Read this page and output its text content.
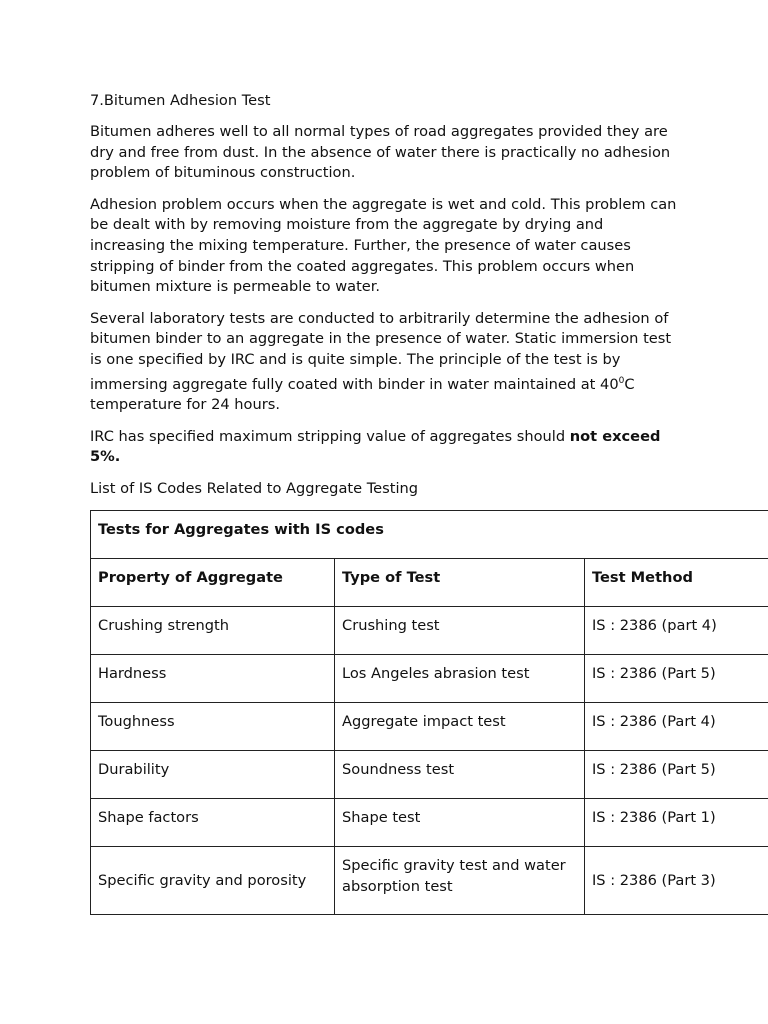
7.Bitumen Adhesion Test

Bitumen adheres well to all normal types of road aggregates provided they are dry and free from dust. In the absence of water there is practically no adhesion problem of bituminous construction.

Adhesion problem occurs when the aggregate is wet and cold. This problem can be dealt with by removing moisture from the aggregate by drying and increasing the mixing temperature. Further, the presence of water causes stripping of binder from the coated aggregates. This problem occurs when bitumen mixture is permeable to water.

Several laboratory tests are conducted to arbitrarily determine the adhesion of bitumen binder to an aggregate in the presence of water. Static immersion test is one specified by IRC and is quite simple. The principle of the test is by immersing aggregate fully coated with binder in water maintained at $40^0C$ temperature for 24 hours.

IRC has specified maximum stripping value of aggregates should not exceed 5%.

List of IS Codes Related to Aggregate Testing
Tests for Aggregates with IS codes		
Property of Aggregate	Type of Test	Test Method
Crushing strength	Crushing test	IS : 2386 (part 4)
Hardness	Los Angeles abrasion test	IS : 2386 (Part 5)
Toughness	Aggregate impact test	IS : 2386 (Part 4)
Durability	Soundness test	IS : 2386 (Part 5)
Shape factors	Shape test	IS : 2386 (Part 1)
Specific gravity and porosity	Specific gravity test and water absorption test	IS : 2386 (Part 3)
